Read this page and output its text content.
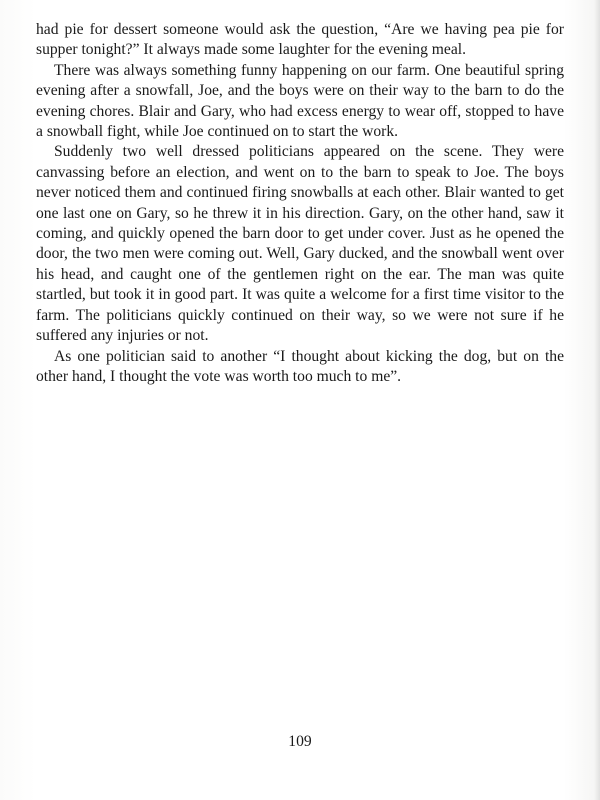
had pie for dessert someone would ask the question, “Are we having pea pie for supper tonight?” It always made some laughter for the evening meal.

There was always something funny happening on our farm. One beautiful spring evening after a snowfall, Joe, and the boys were on their way to the barn to do the evening chores. Blair and Gary, who had excess energy to wear off, stopped to have a snowball fight, while Joe continued on to start the work.

Suddenly two well dressed politicians appeared on the scene. They were canvassing before an election, and went on to the barn to speak to Joe. The boys never noticed them and continued firing snowballs at each other. Blair wanted to get one last one on Gary, so he threw it in his direction. Gary, on the other hand, saw it coming, and quickly opened the barn door to get under cover. Just as he opened the door, the two men were coming out. Well, Gary ducked, and the snowball went over his head, and caught one of the gentlemen right on the ear. The man was quite startled, but took it in good part. It was quite a welcome for a first time visitor to the farm. The politicians quickly continued on their way, so we were not sure if he suffered any injuries or not.

As one politician said to another “I thought about kicking the dog, but on the other hand, I thought the vote was worth too much to me”.

109
